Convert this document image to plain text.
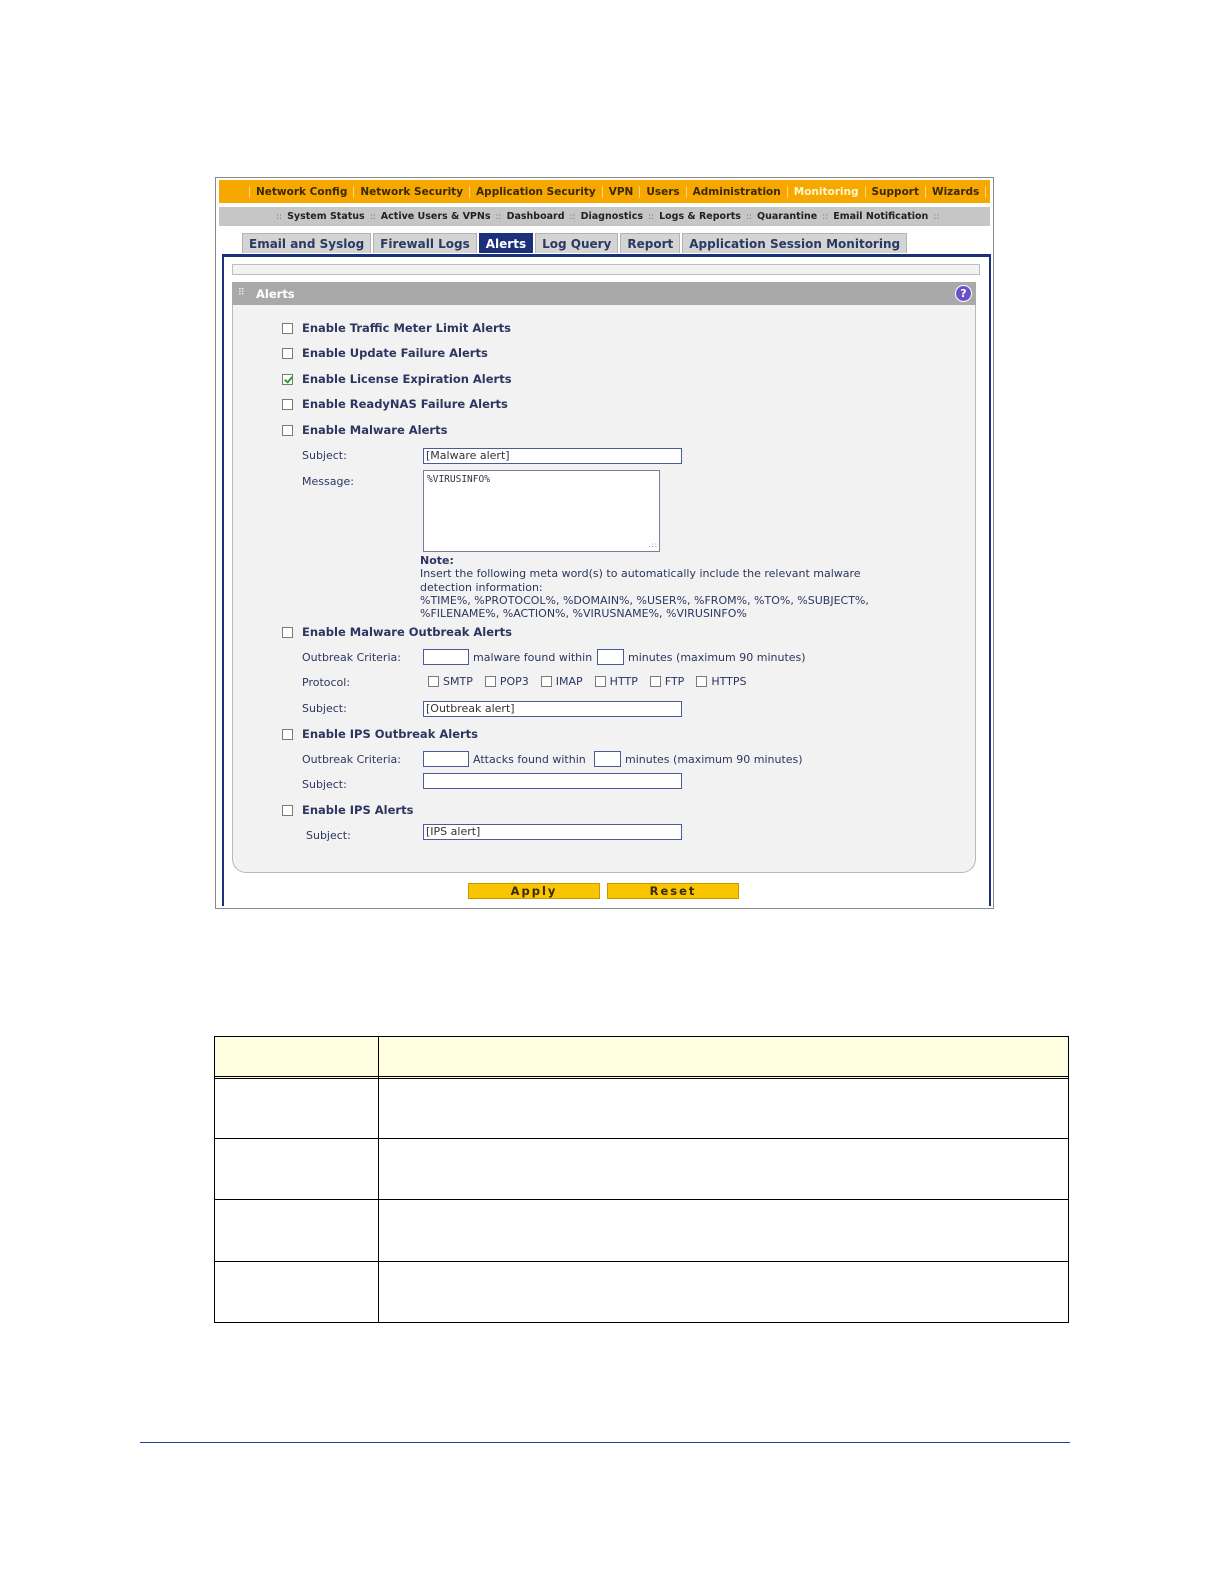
Network Config	Network Security	Application Security	VPN	Users	Administration	Monitoring	Support	Wizards
:: System Status :: Active Users & VPNs :: Dashboard :: Diagnostics :: Logs & Reports :: Quarantine :: Email Notification ::
Email and Syslog	Firewall Logs	Alerts	Log Query	Report	Application Session Monitoring
⠿ Alerts	?
Enable Traffic Meter Limit Alerts
Enable Update Failure Alerts
Enable License Expiration Alerts
Enable ReadyNAS Failure Alerts
Enable Malware Alerts
Subject:	[Malware alert]
Message:	%VIRUSINFO%
.::
Note:
Insert the following meta word(s) to automatically include the relevant malware
detection information:
%TIME%, %PROTOCOL%, %DOMAIN%, %USER%, %FROM%, %TO%, %SUBJECT%,
%FILENAME%, %ACTION%, %VIRUSNAME%, %VIRUSINFO%
Enable Malware Outbreak Alerts
Outbreak Criteria:	malware found within	minutes (maximum 90 minutes)
Protocol:	SMTP POP3 IMAP HTTP FTP HTTPS
Subject:	[Outbreak alert]
Enable IPS Outbreak Alerts
Outbreak Criteria:	Attacks found within	minutes (maximum 90 minutes)
Subject:
Enable IPS Alerts
Subject:	[IPS alert]
Apply	Reset
